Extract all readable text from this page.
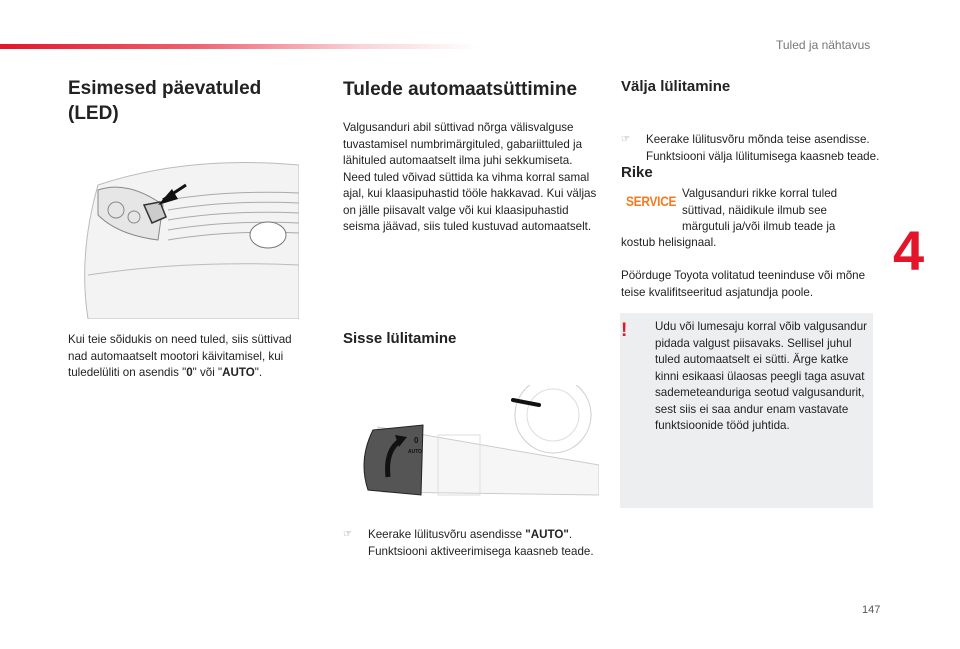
Tuled ja nähtavus
4
147
Esimesed päevatuled
(LED)
Kui teie sõidukis on need tuled, siis süttivad nad automaatselt mootori käivitamisel, kui tuledelüliti on asendis "0" või "AUTO".
Tulede automaatsüttimine
Valgusanduri abil süttivad nõrga välisvalguse tuvastamisel numbrimärgituled, gabariittuled ja lähituled automaatselt ilma juhi sekkumiseta. Need tuled võivad süttida ka vihma korral samal ajal, kui klaasipuhastid tööle hakkavad. Kui väljas on jälle piisavalt valge või kui klaasipuhastid seisma jäävad, siis tuled kustuvad automaatselt.
Sisse lülitamine
0
AUTO
☞ Keerake lülitusvõru asendisse "AUTO". Funktsiooni aktiveerimisega kaasneb teade.
Välja lülitamine
☞ Keerake lülitusvõru mõnda teise asendisse. Funktsiooni välja lülitumisega kaasneb teade.
Rike
SERVICE Valgusanduri rikke korral tuled süttivad, näidikule ilmub see märgutuli ja/või ilmub teade ja
kostub helisignaal.
Pöörduge Toyota volitatud teeninduse või mõne teise kvalifitseeritud asjatundja poole.
! Udu või lumesaju korral võib valgusandur pidada valgust piisavaks. Sellisel juhul tuled automaatselt ei sütti. Ärge katke kinni esikaasi ülaosas peegli taga asuvat sademeteanduriga seotud valgusandurit, sest siis ei saa andur enam vastavate funktsioonide tööd juhtida.
